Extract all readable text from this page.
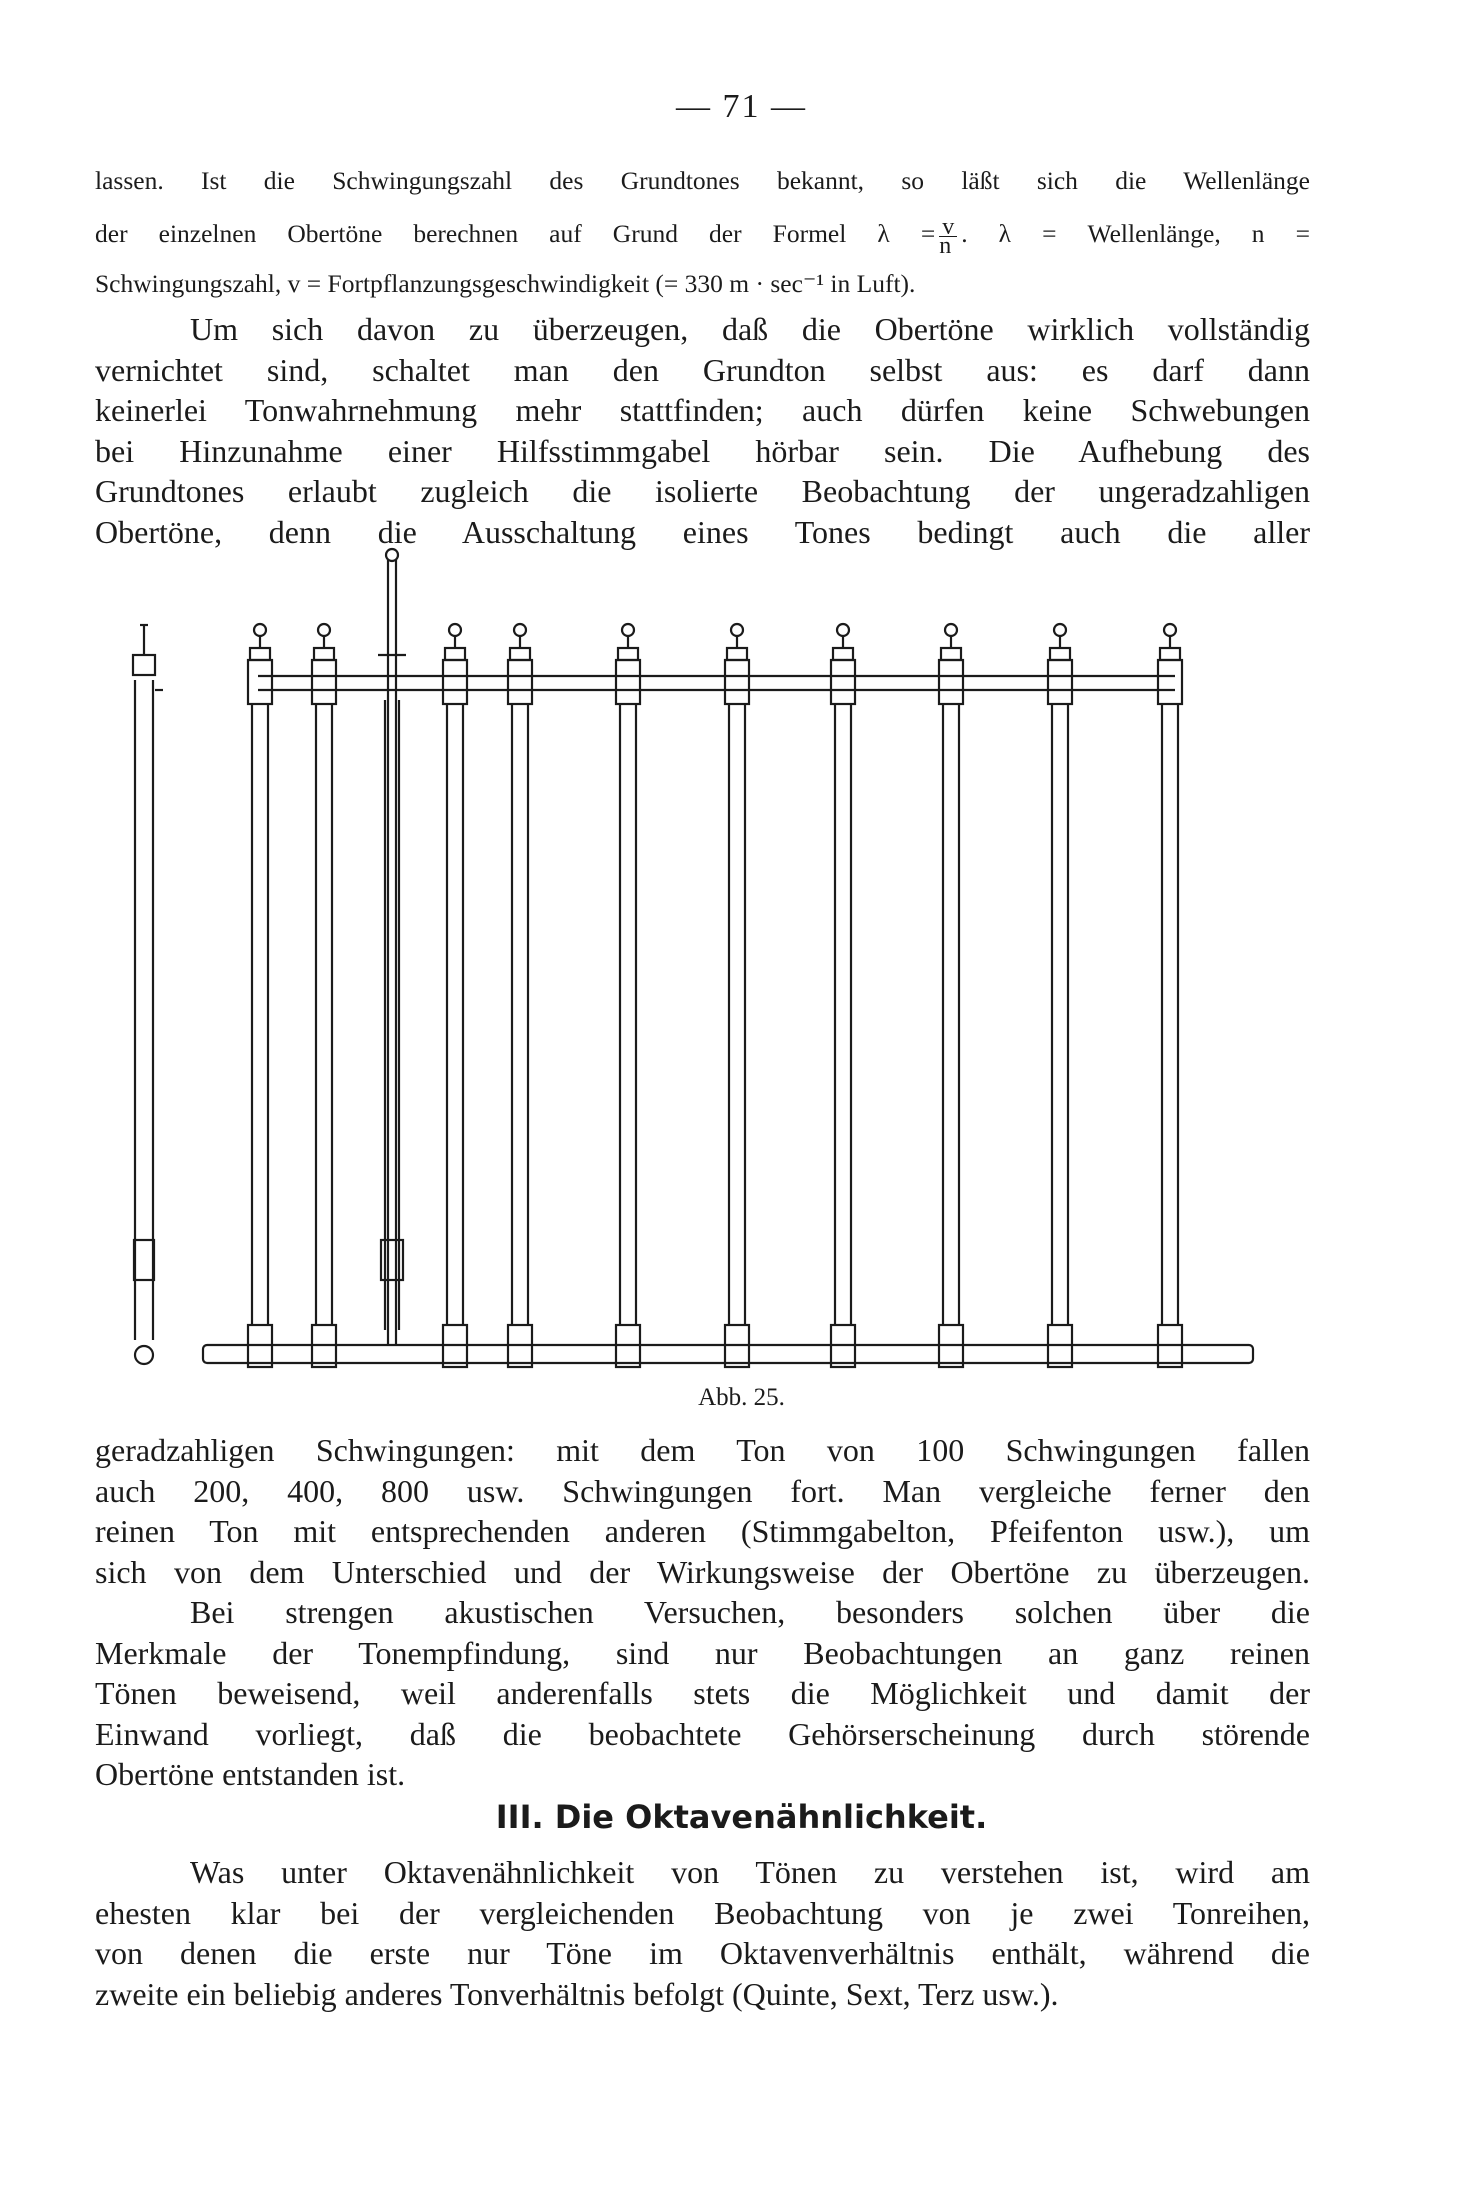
— 71 —
lassen. Ist die Schwingungszahl des Grundtones bekannt, so läßt sich die Wellenlänge
der einzelnen Obertöne berechnen auf Grund der Formel $\lambda = \frac{v}{n}$ . λ = Wellenlänge, n =
Schwingungszahl, v = Fortpflanzungsgeschwindigkeit (= 330 m · sec⁻¹ in Luft).
Um sich davon zu überzeugen, daß die Obertöne wirklich vollständig
vernichtet sind, schaltet man den Grundton selbst aus: es darf dann
keinerlei Tonwahrnehmung mehr stattfinden; auch dürfen keine Schwebungen
bei Hinzunahme einer Hilfsstimmgabel hörbar sein. Die Aufhebung des
Grundtones erlaubt zugleich die isolierte Beobachtung der ungeradzahligen
Obertöne, denn die Ausschaltung eines Tones bedingt auch die aller
Abb. 25.
geradzahligen Schwingungen: mit dem Ton von 100 Schwingungen fallen
auch 200, 400, 800 usw. Schwingungen fort. Man vergleiche ferner den
reinen Ton mit entsprechenden anderen (Stimmgabelton, Pfeifenton usw.), um
sich von dem Unterschied und der Wirkungsweise der Obertöne zu überzeugen.
Bei strengen akustischen Versuchen, besonders solchen über die
Merkmale der Tonempfindung, sind nur Beobachtungen an ganz reinen
Tönen beweisend, weil anderenfalls stets die Möglichkeit und damit der
Einwand vorliegt, daß die beobachtete Gehörserscheinung durch störende
Obertöne entstanden ist.
III. Die Oktavenähnlichkeit.
Was unter Oktavenähnlichkeit von Tönen zu verstehen ist, wird am
ehesten klar bei der vergleichenden Beobachtung von je zwei Tonreihen,
von denen die erste nur Töne im Oktavenverhältnis enthält, während die
zweite ein beliebig anderes Tonverhältnis befolgt (Quinte, Sext, Terz usw.).
